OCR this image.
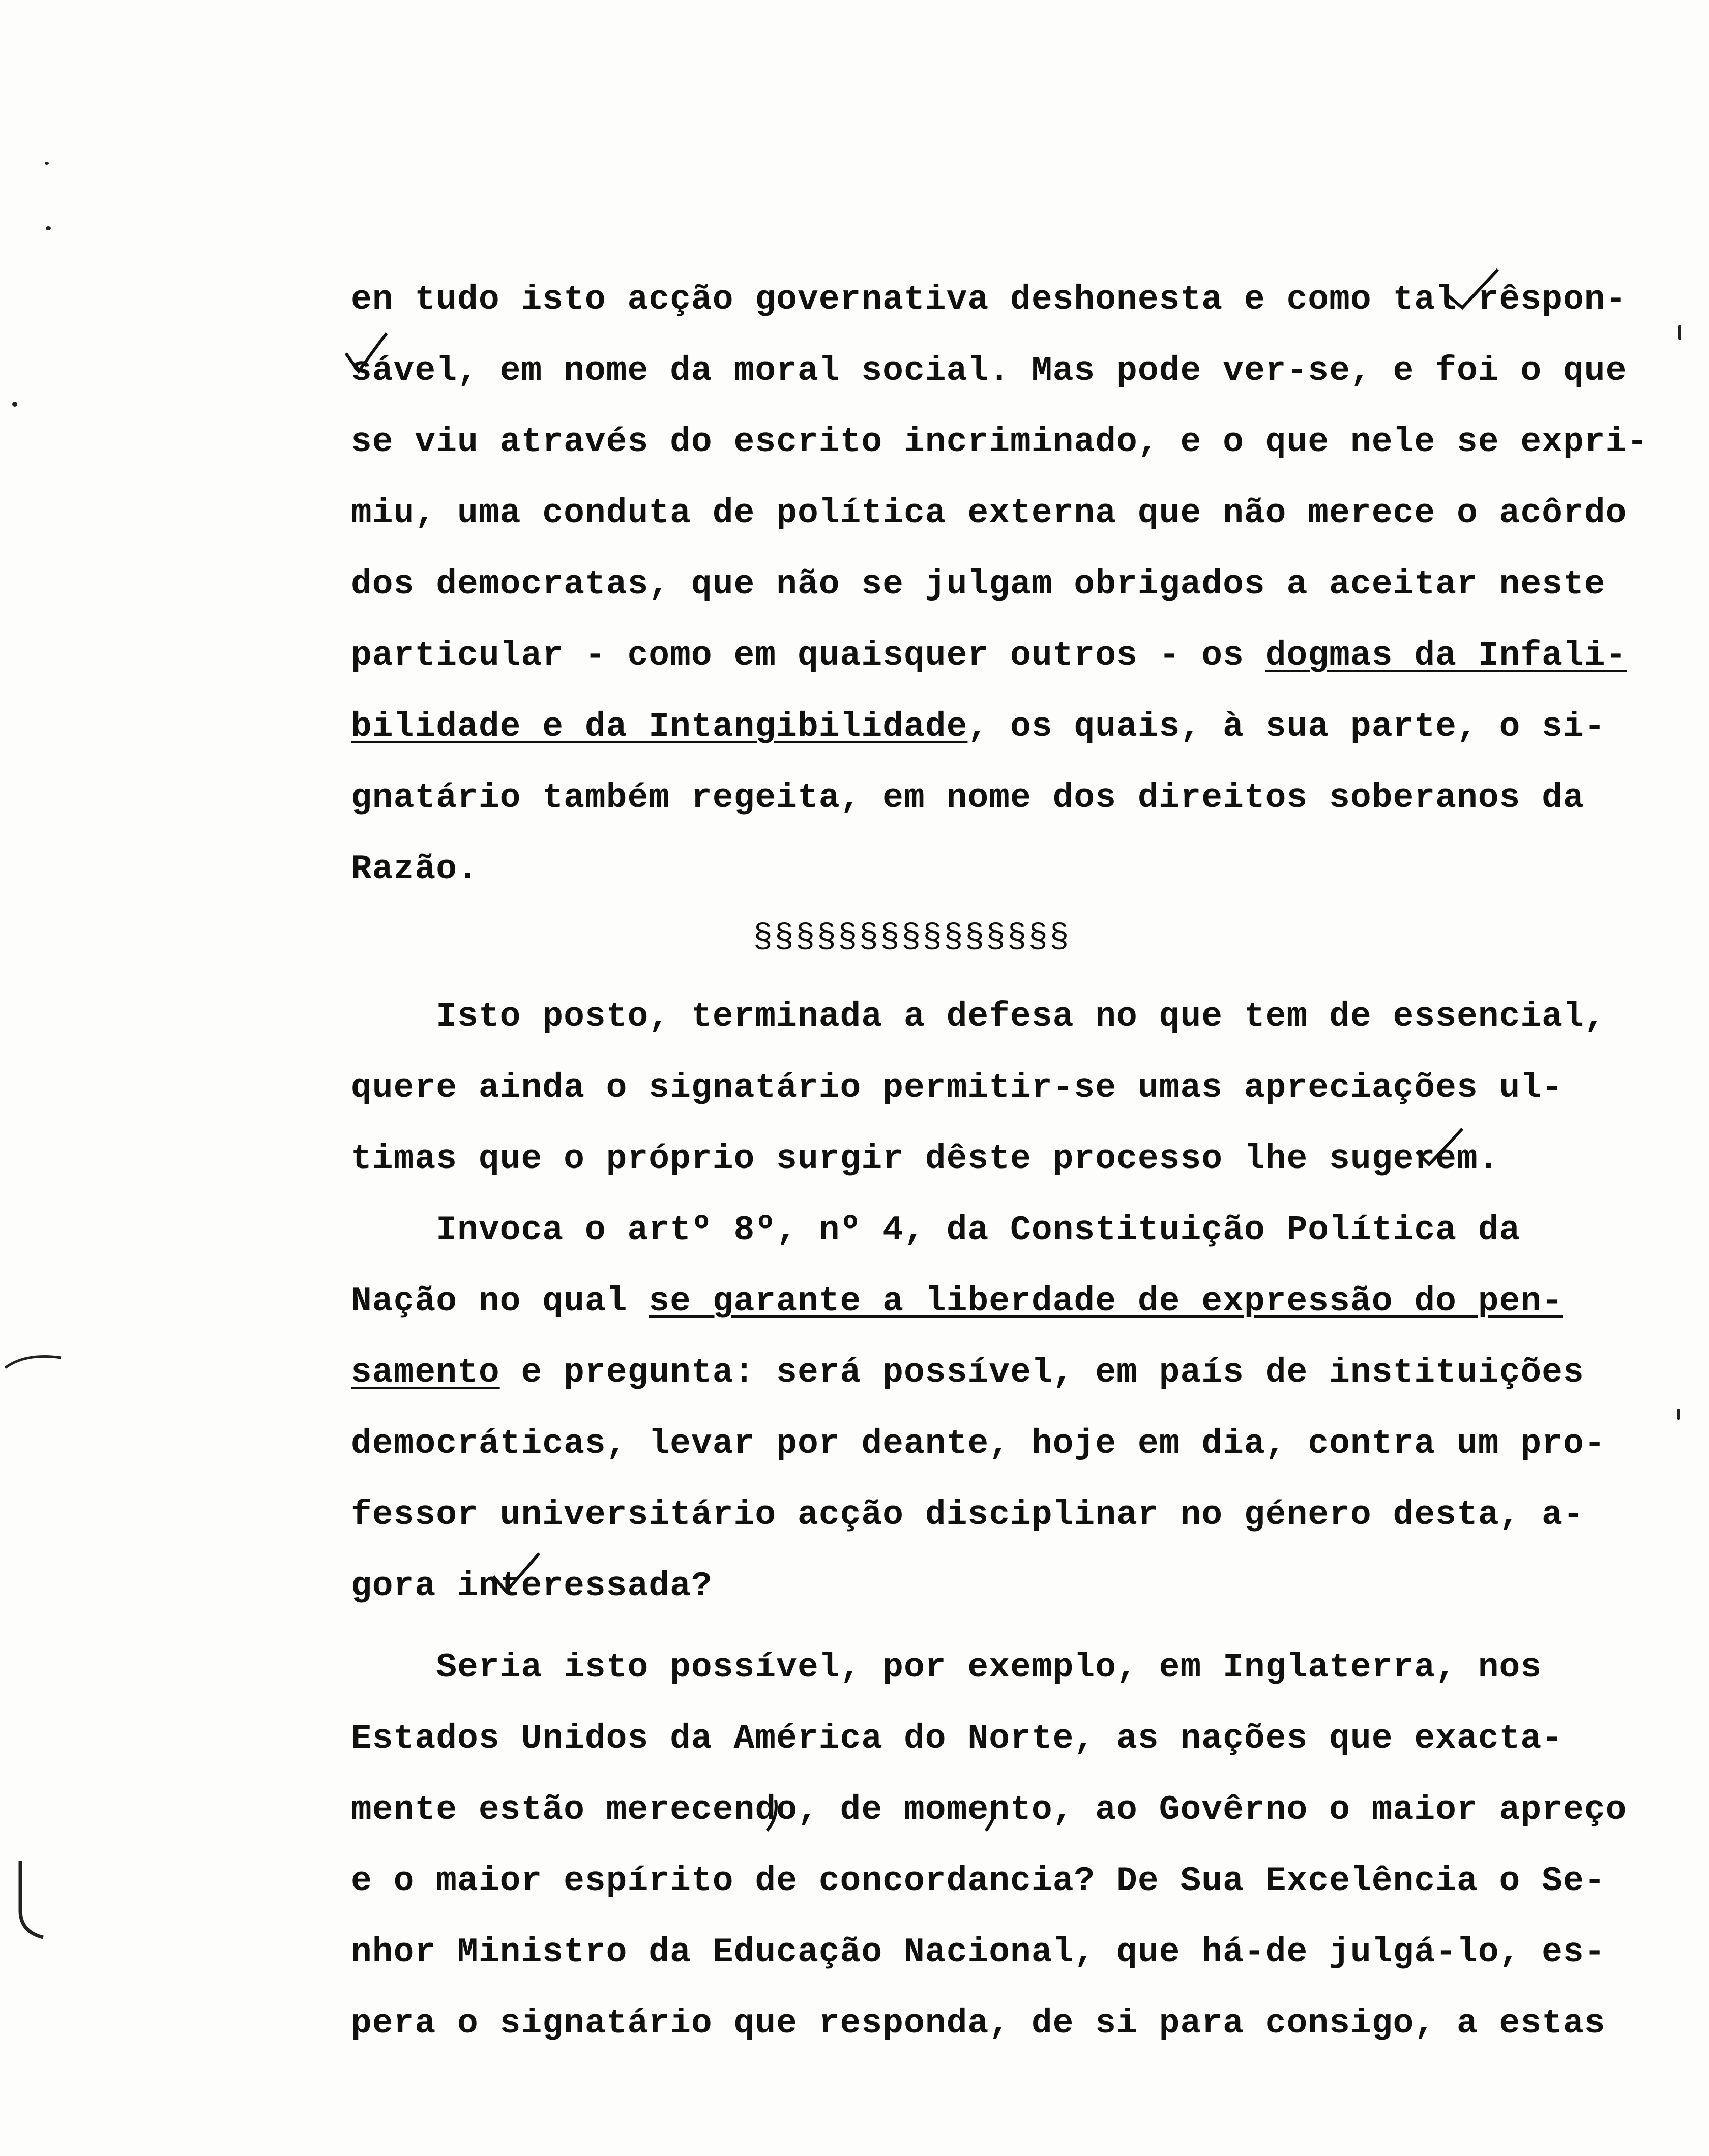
en tudo isto acção governativa deshonesta e como tal rêspon-
sável, em nome da moral social. Mas pode ver-se, e foi o que
se viu através do escrito incriminado, e o que nele se expri-
miu, uma conduta de política externa que não merece o acôrdo
dos democratas, que não se julgam obrigados a aceitar neste
particular - como em quaisquer outros - os dogmas da Infali-
bilidade e da Intangibilidade, os quais, à sua parte, o si-
gnatário também regeita, em nome dos direitos soberanos da
Razão.
§§§§§§§§§§§§§§§
Isto posto, terminada a defesa no que tem de essencial,
quere ainda o signatário permitir-se umas apreciações ul-
timas que o próprio surgir dêste processo lhe sugerem.
Invoca o artº 8º, nº 4, da Constituição Política da
Nação no qual se garante a liberdade de expressão do pen-
samento e pregunta: será possível, em país de instituições
democráticas, levar por deante, hoje em dia, contra um pro-
fessor universitário acção disciplinar no género desta, a-
gora interessada?
Seria isto possível, por exemplo, em Inglaterra, nos
Estados Unidos da América do Norte, as nações que exacta-
mente estão merecendo, de momento, ao Govêrno o maior apreço
e o maior espírito de concordancia? De Sua Excelência o Se-
nhor Ministro da Educação Nacional, que há-de julgá-lo, es-
pera o signatário que responda, de si para consigo, a estas
